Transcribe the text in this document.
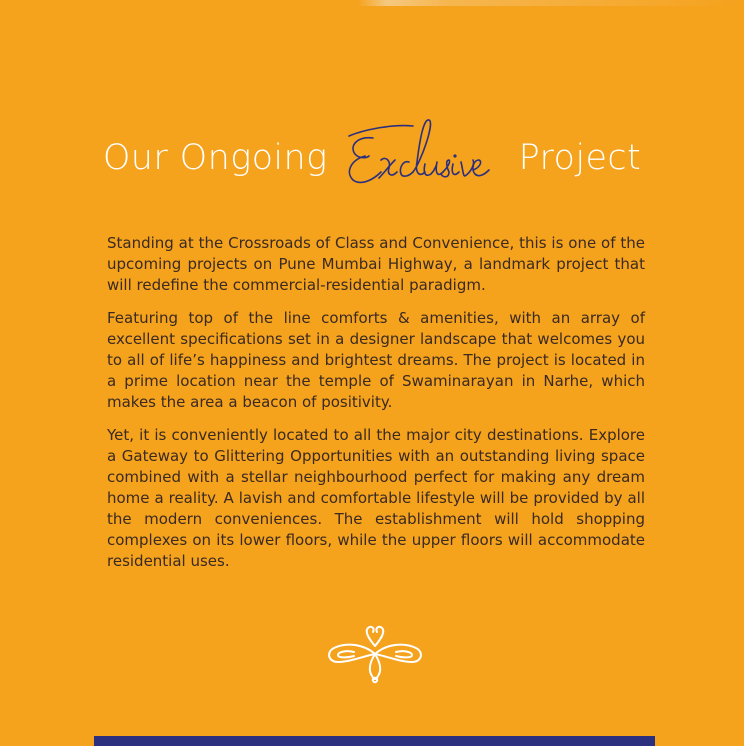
Our Ongoing	Project

Standing at the Crossroads of Class and Convenience, this is one of the upcoming projects on Pune Mumbai Highway, a landmark project that will redefine the commercial-residential paradigm.

Featuring top of the line comforts & amenities, with an array of excellent specifications set in a designer landscape that welcomes you to all of life’s happiness and brightest dreams. The project is located in a prime location near the temple of Swaminarayan in Narhe, which makes the area a beacon of positivity.

Yet, it is conveniently located to all the major city destinations. Explore a Gateway to Glittering Opportunities with an outstanding living space combined with a stellar neighbourhood perfect for making any dream home a reality. A lavish and comfortable lifestyle will be provided by all the modern conveniences. The establishment will hold shopping complexes on its lower floors, while the upper floors will accommodate residential uses.
